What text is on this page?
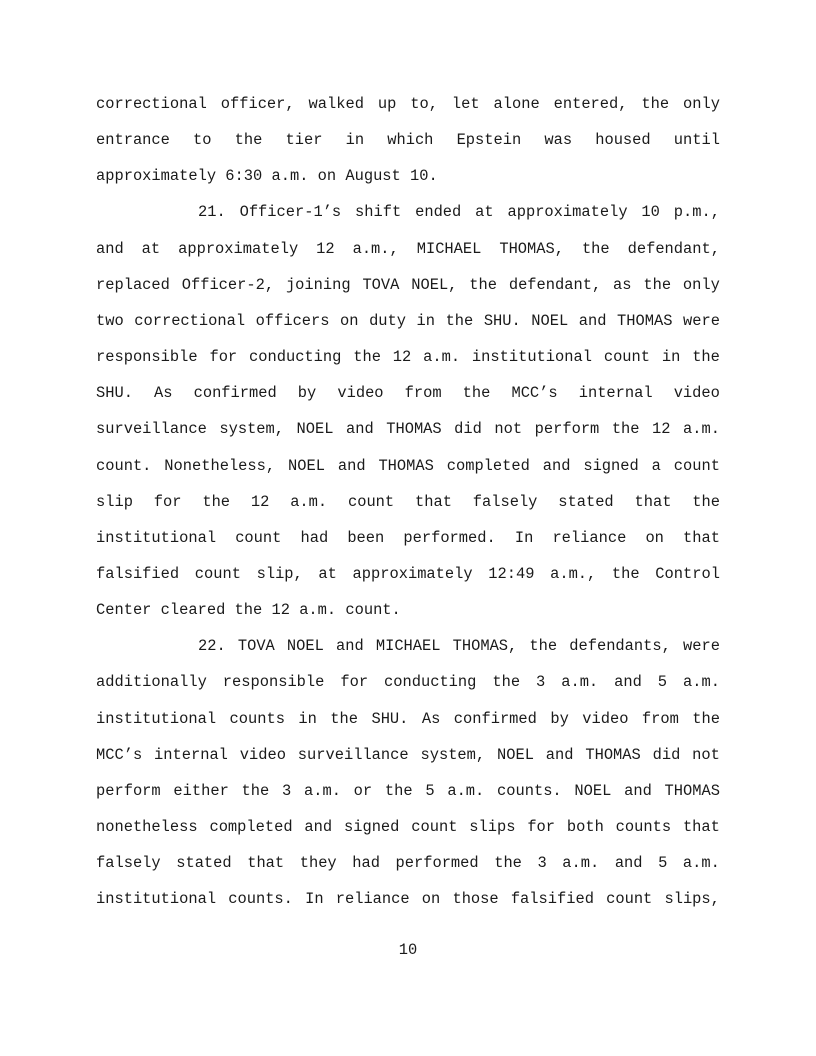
correctional officer, walked up to, let alone entered, the only
entrance to the tier in which Epstein was housed until
approximately 6:30 a.m. on August 10.
21. Officer-1’s shift ended at approximately 10 p.m.,
and at approximately 12 a.m., MICHAEL THOMAS, the defendant,
replaced Officer-2, joining TOVA NOEL, the defendant, as the only
two correctional officers on duty in the SHU. NOEL and THOMAS were
responsible for conducting the 12 a.m. institutional count in the
SHU. As confirmed by video from the MCC’s internal video
surveillance system, NOEL and THOMAS did not perform the 12 a.m.
count. Nonetheless, NOEL and THOMAS completed and signed a count
slip for the 12 a.m. count that falsely stated that the
institutional count had been performed. In reliance on that
falsified count slip, at approximately 12:49 a.m., the Control
Center cleared the 12 a.m. count.
22. TOVA NOEL and MICHAEL THOMAS, the defendants, were
additionally responsible for conducting the 3 a.m. and 5 a.m.
institutional counts in the SHU. As confirmed by video from the
MCC’s internal video surveillance system, NOEL and THOMAS did not
perform either the 3 a.m. or the 5 a.m. counts. NOEL and THOMAS
nonetheless completed and signed count slips for both counts that
falsely stated that they had performed the 3 a.m. and 5 a.m.
institutional counts. In reliance on those falsified count slips,
10
